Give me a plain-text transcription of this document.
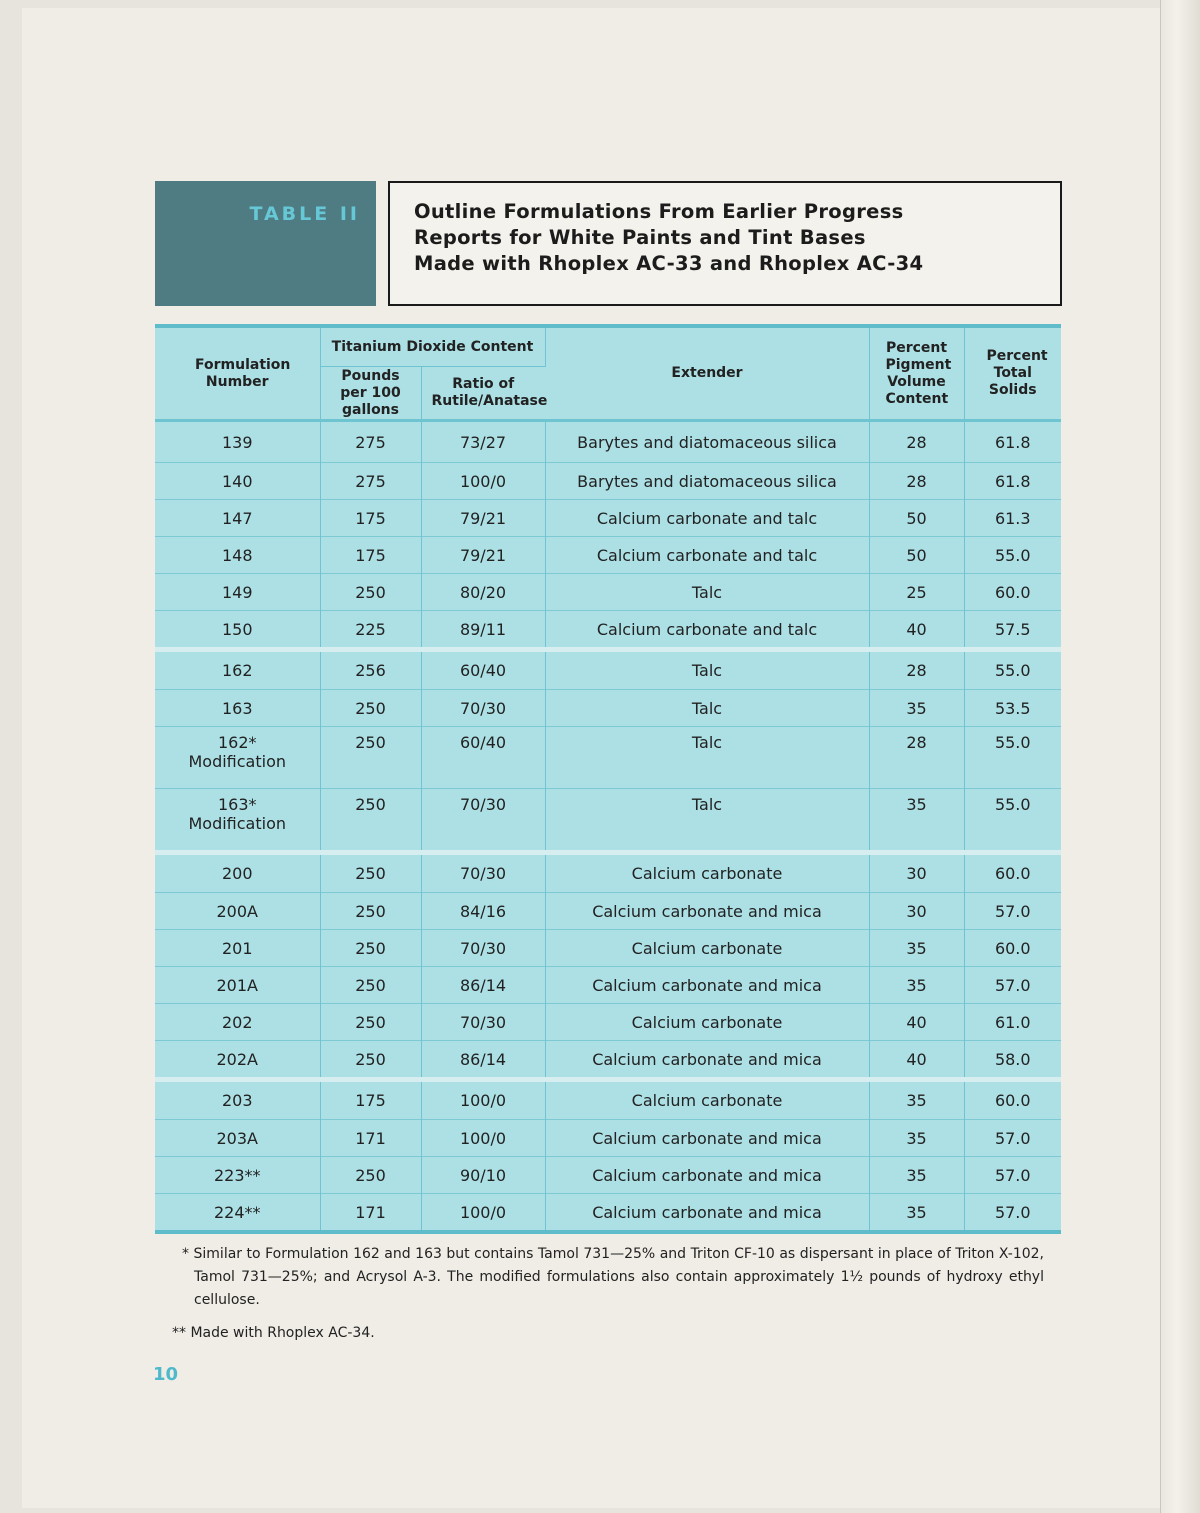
TABLE II	Outline Formulations From Earlier Progress
Reports for White Paints and Tint Bases
Made with Rhoplex AC-33 and Rhoplex AC-34
Formulation Number	Titanium Dioxide Content		Extender	Percent Pigment Volume Content	Percent Total Solids
	Pounds per 100 gallons	Ratio of Rutile/Anatase			
139	275	73/27	Barytes and diatomaceous silica	28	61.8
140	275	100/0	Barytes and diatomaceous silica	28	61.8
147	175	79/21	Calcium carbonate and talc	50	61.3
148	175	79/21	Calcium carbonate and talc	50	55.0
149	250	80/20	Talc	25	60.0
150	225	89/11	Calcium carbonate and talc	40	57.5
162	256	60/40	Talc	28	55.0
163	250	70/30	Talc	35	53.5
162*
Modification	250	60/40	Talc	28	55.0
163*
Modification	250	70/30	Talc	35	55.0
200	250	70/30	Calcium carbonate	30	60.0
200A	250	84/16	Calcium carbonate and mica	30	57.0
201	250	70/30	Calcium carbonate	35	60.0
201A	250	86/14	Calcium carbonate and mica	35	57.0
202	250	70/30	Calcium carbonate	40	61.0
202A	250	86/14	Calcium carbonate and mica	40	58.0
203	175	100/0	Calcium carbonate	35	60.0
203A	171	100/0	Calcium carbonate and mica	35	57.0
223**	250	90/10	Calcium carbonate and mica	35	57.0
224**	171	100/0	Calcium carbonate and mica	35	57.0
* Similar to Formulation 162 and 163 but contains Tamol 731—25% and Triton CF-10 as dispersant in place of Triton X-102, Tamol 731—25%; and Acrysol A-3. The modified formulations also contain approximately 1½ pounds of hydroxy ethyl cellulose.
** Made with Rhoplex AC-34.
10
